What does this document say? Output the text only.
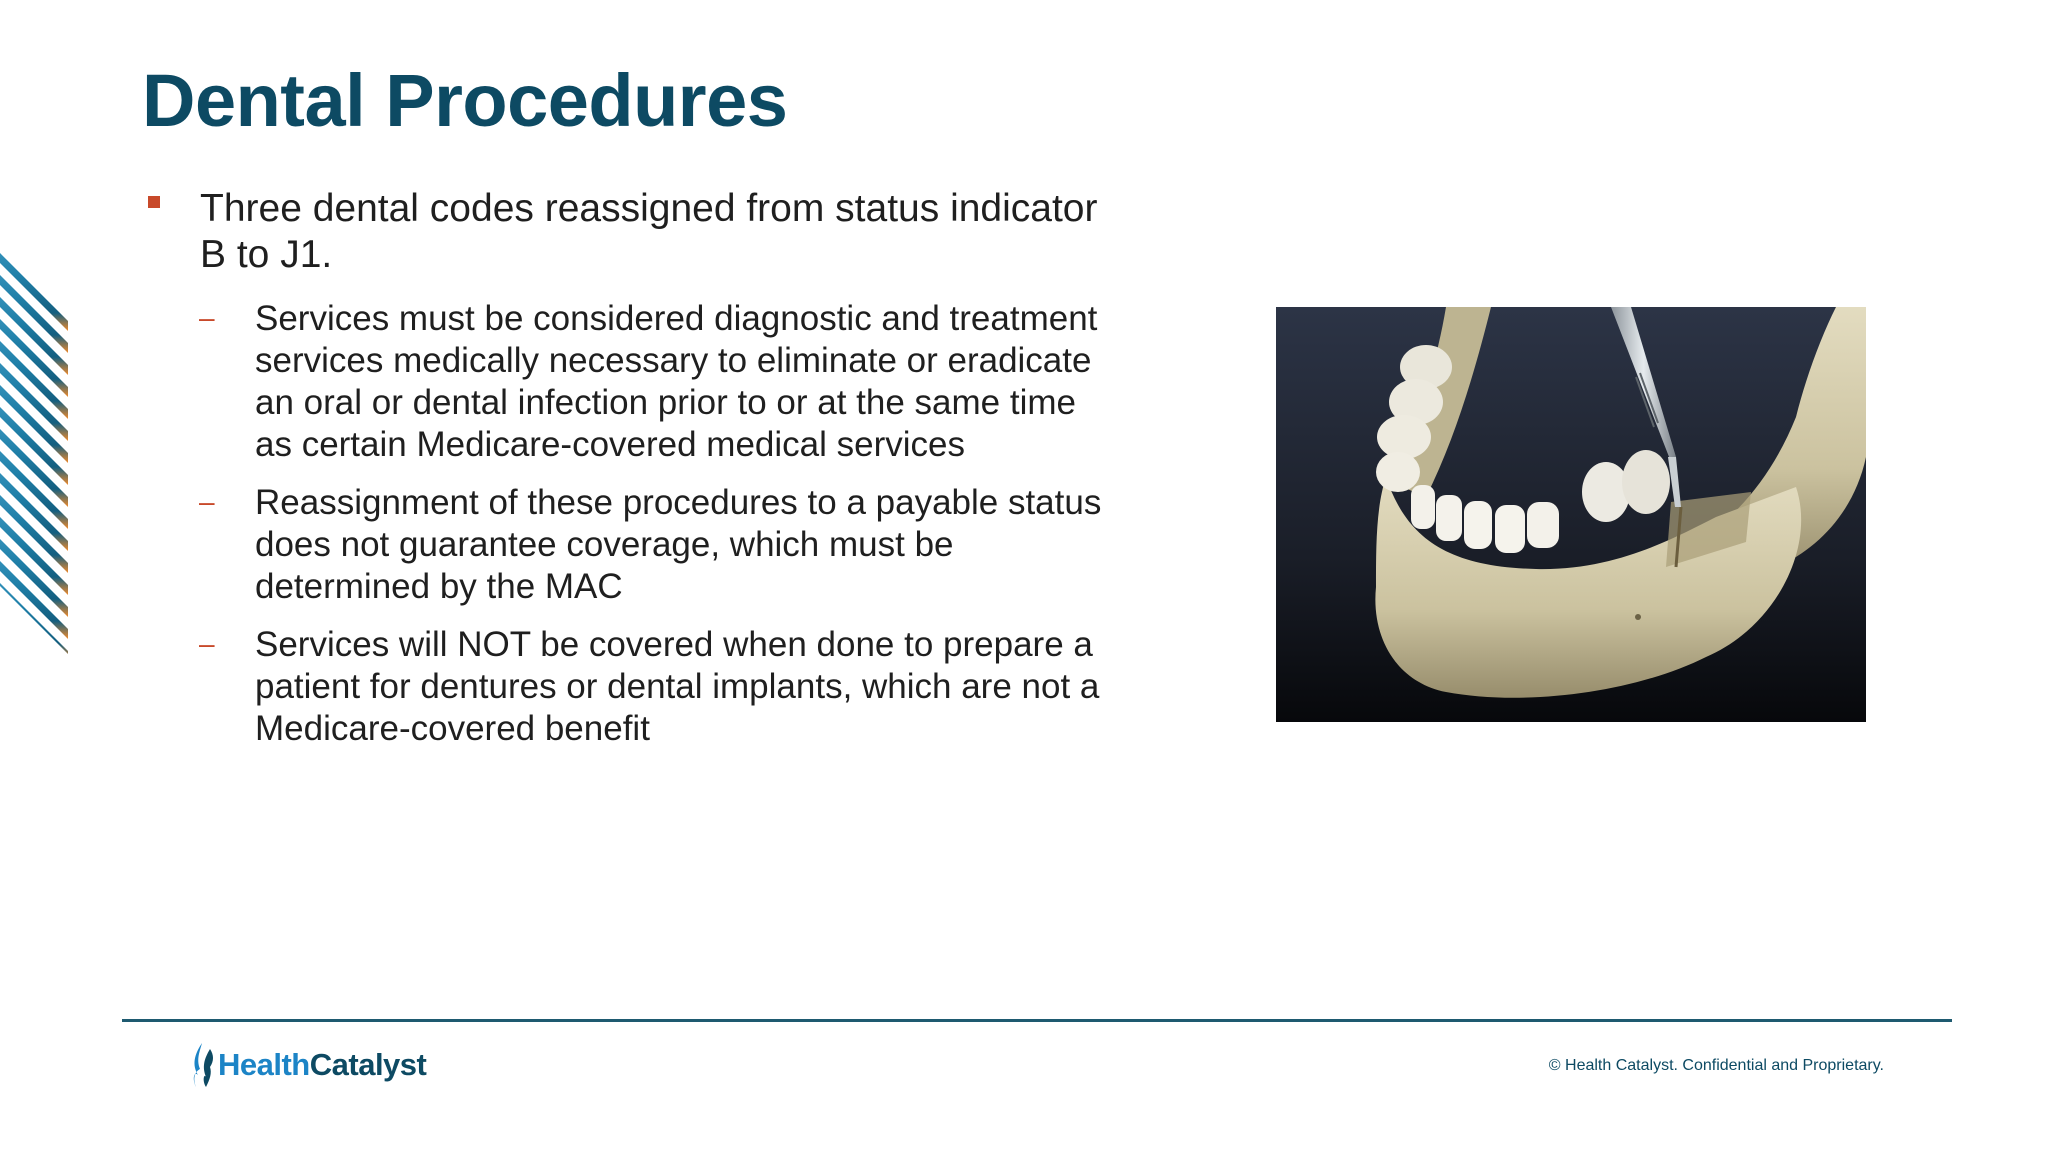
Dental Procedures
Three dental codes reassigned from status indicator B to J1.
– Services must be considered diagnostic and treatment services medically necessary to eliminate or eradicate an oral or dental infection prior to or at the same time as certain Medicare-covered medical services
– Reassignment of these procedures to a payable status does not guarantee coverage, which must be determined by the MAC
– Services will NOT be covered when done to prepare a patient for dentures or dental implants, which are not a Medicare-covered benefit
HealthCatalyst	© Health Catalyst. Confidential and Proprietary.
